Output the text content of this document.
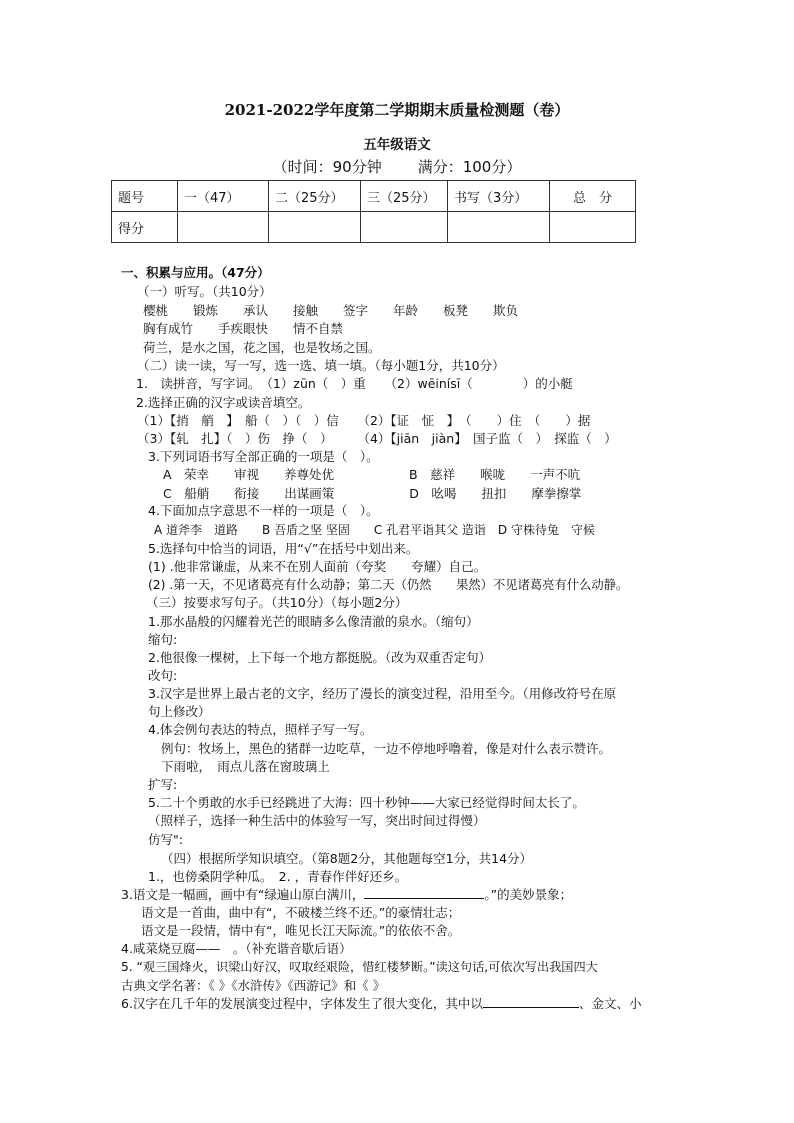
2021-2022学年度第二学期期末质量检测题（卷）
五年级语文
（时间：90分钟 满分：100分）
题号	一（47）	二（25分）	三（25分）	书写（3分）	总　分
得分					
一、积累与应用。（47分）
（一）听写。（共10分）
樱桃　　锻炼　　承认　　接触　　签字　　年龄　　板凳　　欺负
胸有成竹　　手疾眼快　　情不自禁
荷兰，是水之国，花之国，也是牧场之国。
（二）读一读，写一写，选一选、填一填。（每小题1分，共10分）
1.　读拼音，写字词。　（1）zūn（　）重　　（2）wēinísī（　　　　）的小艇
2.选择正确的汉字或读音填空。
（1）【捎　艄　】　船（　）（　）信　　（2）【证　怔　】　（　　）住　（　　）据
（3）【轧　扎】（　）伤　挣（　）　　　（4）【jiān　jiàn】　国子监（　）　探监（　）
3.下列词语书写全部正确的一项是（　）。
A　荣幸　　审视　　养尊处优　　　　　　B　慈祥　　喉咙　　一声不吭
C　船艄　　衔接　　出谋画策　　　　　　D　吆喝　　扭扣　　摩拳擦掌
4.下面加点字意思不一样的一项是（　）。
A 道斧李　道路　　B 吾盾之坚 坚固　　C 孔君平诣其父 造诣　D 守株待兔　守候
5.选择句中恰当的词语，用“√”在括号中划出来。
(1) .他非常谦虚，从来不在别人面前（夸奖　　夸耀）自己。
(2) .第一天，不见诸葛亮有什么动静；第二天（仍然　　果然）不见诸葛亮有什么动静。
（三）按要求写句子。（共10分）（每小题2分）
1.那水晶般的闪耀着光芒的眼睛多么像清澈的泉水。（缩句）
缩句:
2.他很像一棵树，上下每一个地方都挺脱。（改为双重否定句）
改句:
3.汉字是世界上最古老的文字，经历了漫长的演变过程，沿用至今。（用修改符号在原
句上修改）
4.体会例句表达的特点，照样子写一写。
例句：牧场上，黑色的猪群一边吃草，一边不停地呼噜着，像是对什么表示赞许。
下雨啦，　雨点儿落在窗玻璃上
扩写:
5.二十个勇敢的水手已经跳进了大海：四十秒钟——大家已经觉得时间太长了。
（照样子，选择一种生活中的体验写一写，突出时间过得慢）
仿写":
（四）根据所学知识填空。（第8题2分，其他题每空1分，共14分）
1.，也傍桑阴学种瓜。　2. ，青春作伴好还乡。
3.语文是一幅画，画中有“绿遍山原白满川，	。”的美妙景象；
语文是一首曲，曲中有“，不破楼兰终不还。”的豪情壮志；
语文是一段情，情中有“，唯见长江天际流。”的依依不舍。
4.咸菜烧豆腐——　。（补充谐音歇后语）
5. “观三国烽火，识梁山好汉，叹取经艰险，惜红楼梦断。”读这句话,可依次写出我国四大
古典文学名著：《 》《水浒传》《西游记》和《 》
6.汉字在几千年的发展演变过程中，字体发生了很大变化，其中以	、金文、小
